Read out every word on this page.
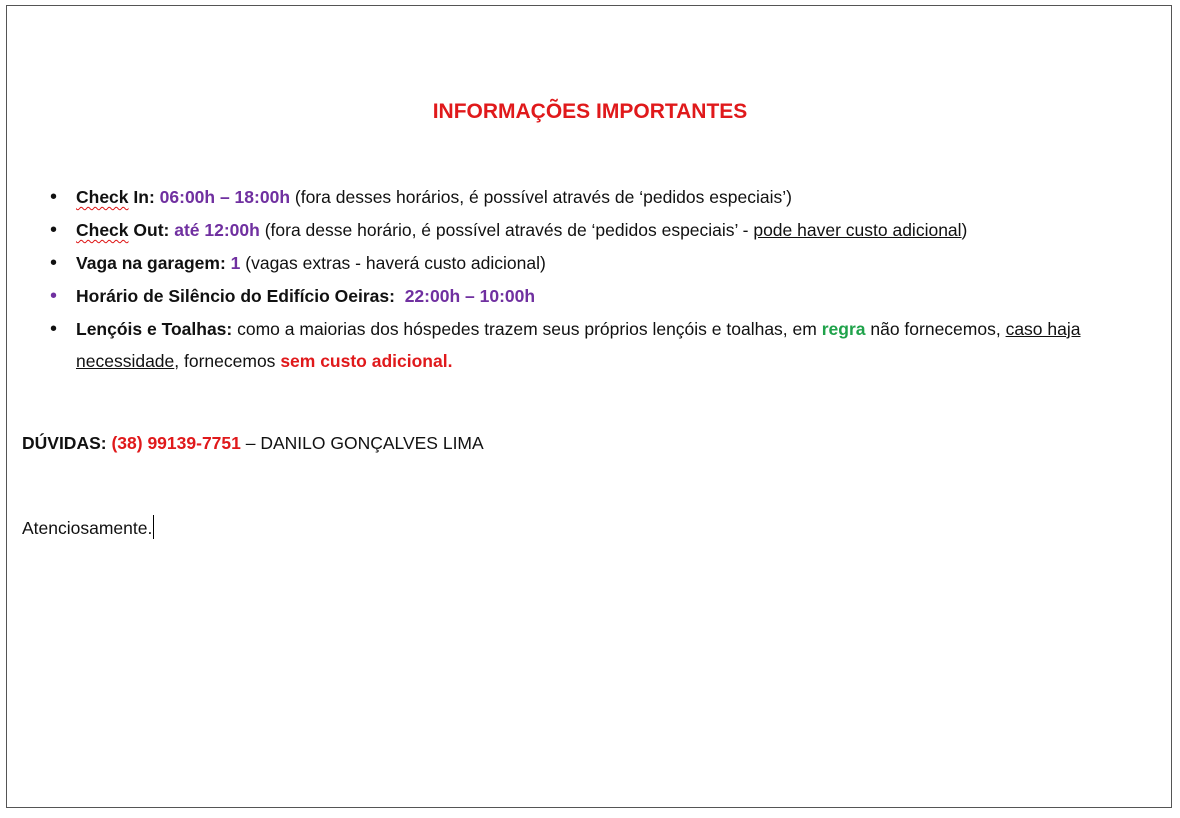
INFORMAÇÕES IMPORTANTES
• Check In: 06:00h – 18:00h (fora desses horários, é possível através de ‘pedidos especiais’)
• Check Out: até 12:00h (fora desse horário, é possível através de ‘pedidos especiais’ - pode haver custo adicional)
• Vaga na garagem: 1 (vagas extras - haverá custo adicional)
• Horário de Silêncio do Edifício Oeiras: 22:00h – 10:00h
• Lençóis e Toalhas: como a maiorias dos hóspedes trazem seus próprios lençóis e toalhas, em regra não fornecemos, caso haja necessidade, fornecemos sem custo adicional.
DÚVIDAS: (38) 99139-7751 – DANILO GONÇALVES LIMA
Atenciosamente.
